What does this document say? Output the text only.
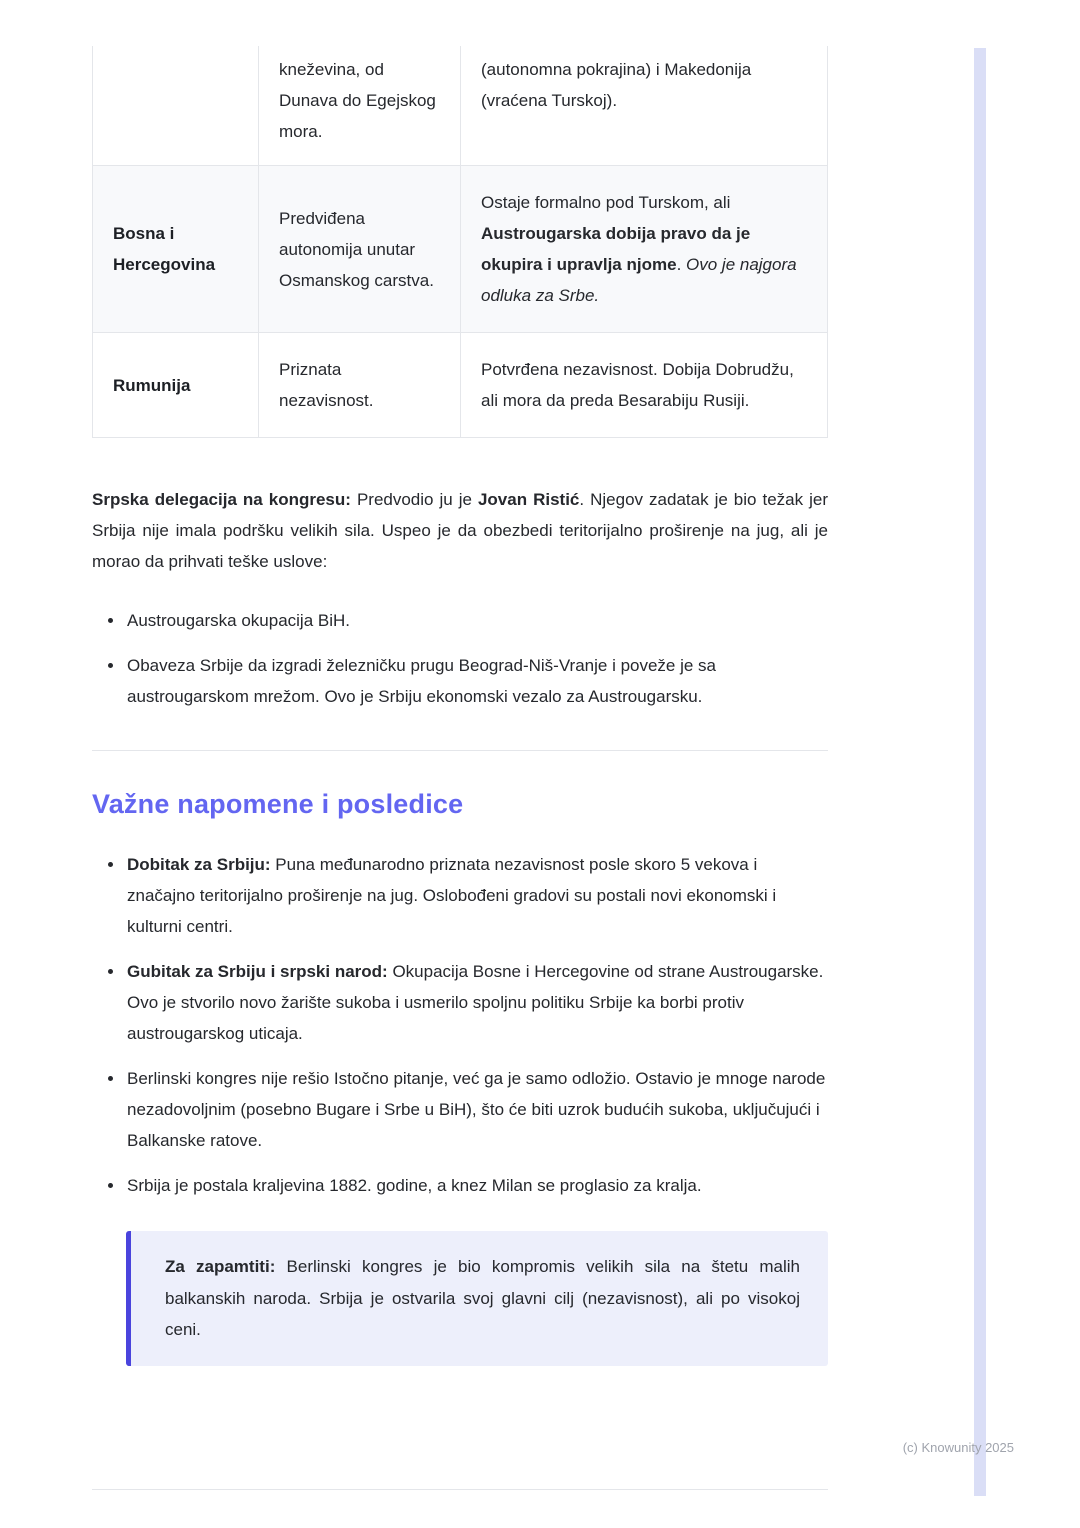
	kneževina, od Dunava do Egejskog mora.	(autonomna pokrajina) i Makedonija (vraćena Turskoj).
Bosna i Hercegovina	Predviđena autonomija unutar Osmanskog carstva.	Ostaje formalno pod Turskom, ali Austrougarska dobija pravo da je okupira i upravlja njome. Ovo je najgora odluka za Srbe.
Rumunija	Priznata nezavisnost.	Potvrđena nezavisnost. Dobija Dobrudžu, ali mora da preda Besarabiju Rusiji.

Srpska delegacija na kongresu: Predvodio ju je Jovan Ristić. Njegov zadatak je bio težak jer Srbija nije imala podršku velikih sila. Uspeo je da obezbedi teritorijalno proširenje na jug, ali je morao da prihvati teške uslove:

• Austrougarska okupacija BiH.
• Obaveza Srbije da izgradi železničku prugu Beograd-Niš-Vranje i poveže je sa austrougarskom mrežom. Ovo je Srbiju ekonomski vezalo za Austrougarsku.
Važne napomene i posledice
• Dobitak za Srbiju: Puna međunarodno priznata nezavisnost posle skoro 5 vekova i značajno teritorijalno proširenje na jug. Oslobođeni gradovi su postali novi ekonomski i kulturni centri.
• Gubitak za Srbiju i srpski narod: Okupacija Bosne i Hercegovine od strane Austrougarske. Ovo je stvorilo novo žarište sukoba i usmerilo spoljnu politiku Srbije ka borbi protiv austrougarskog uticaja.
• Berlinski kongres nije rešio Istočno pitanje, već ga je samo odložio. Ostavio je mnoge narode nezadovoljnim (posebno Bugare i Srbe u BiH), što će biti uzrok budućih sukoba, uključujući i Balkanske ratove.
• Srbija je postala kraljevina 1882. godine, a knez Milan se proglasio za kralja.

Za zapamtiti: Berlinski kongres je bio kompromis velikih sila na štetu malih balkanskih naroda. Srbija je ostvarila svoj glavni cilj (nezavisnost), ali po visokoj ceni.

(c) Knowunity 2025
